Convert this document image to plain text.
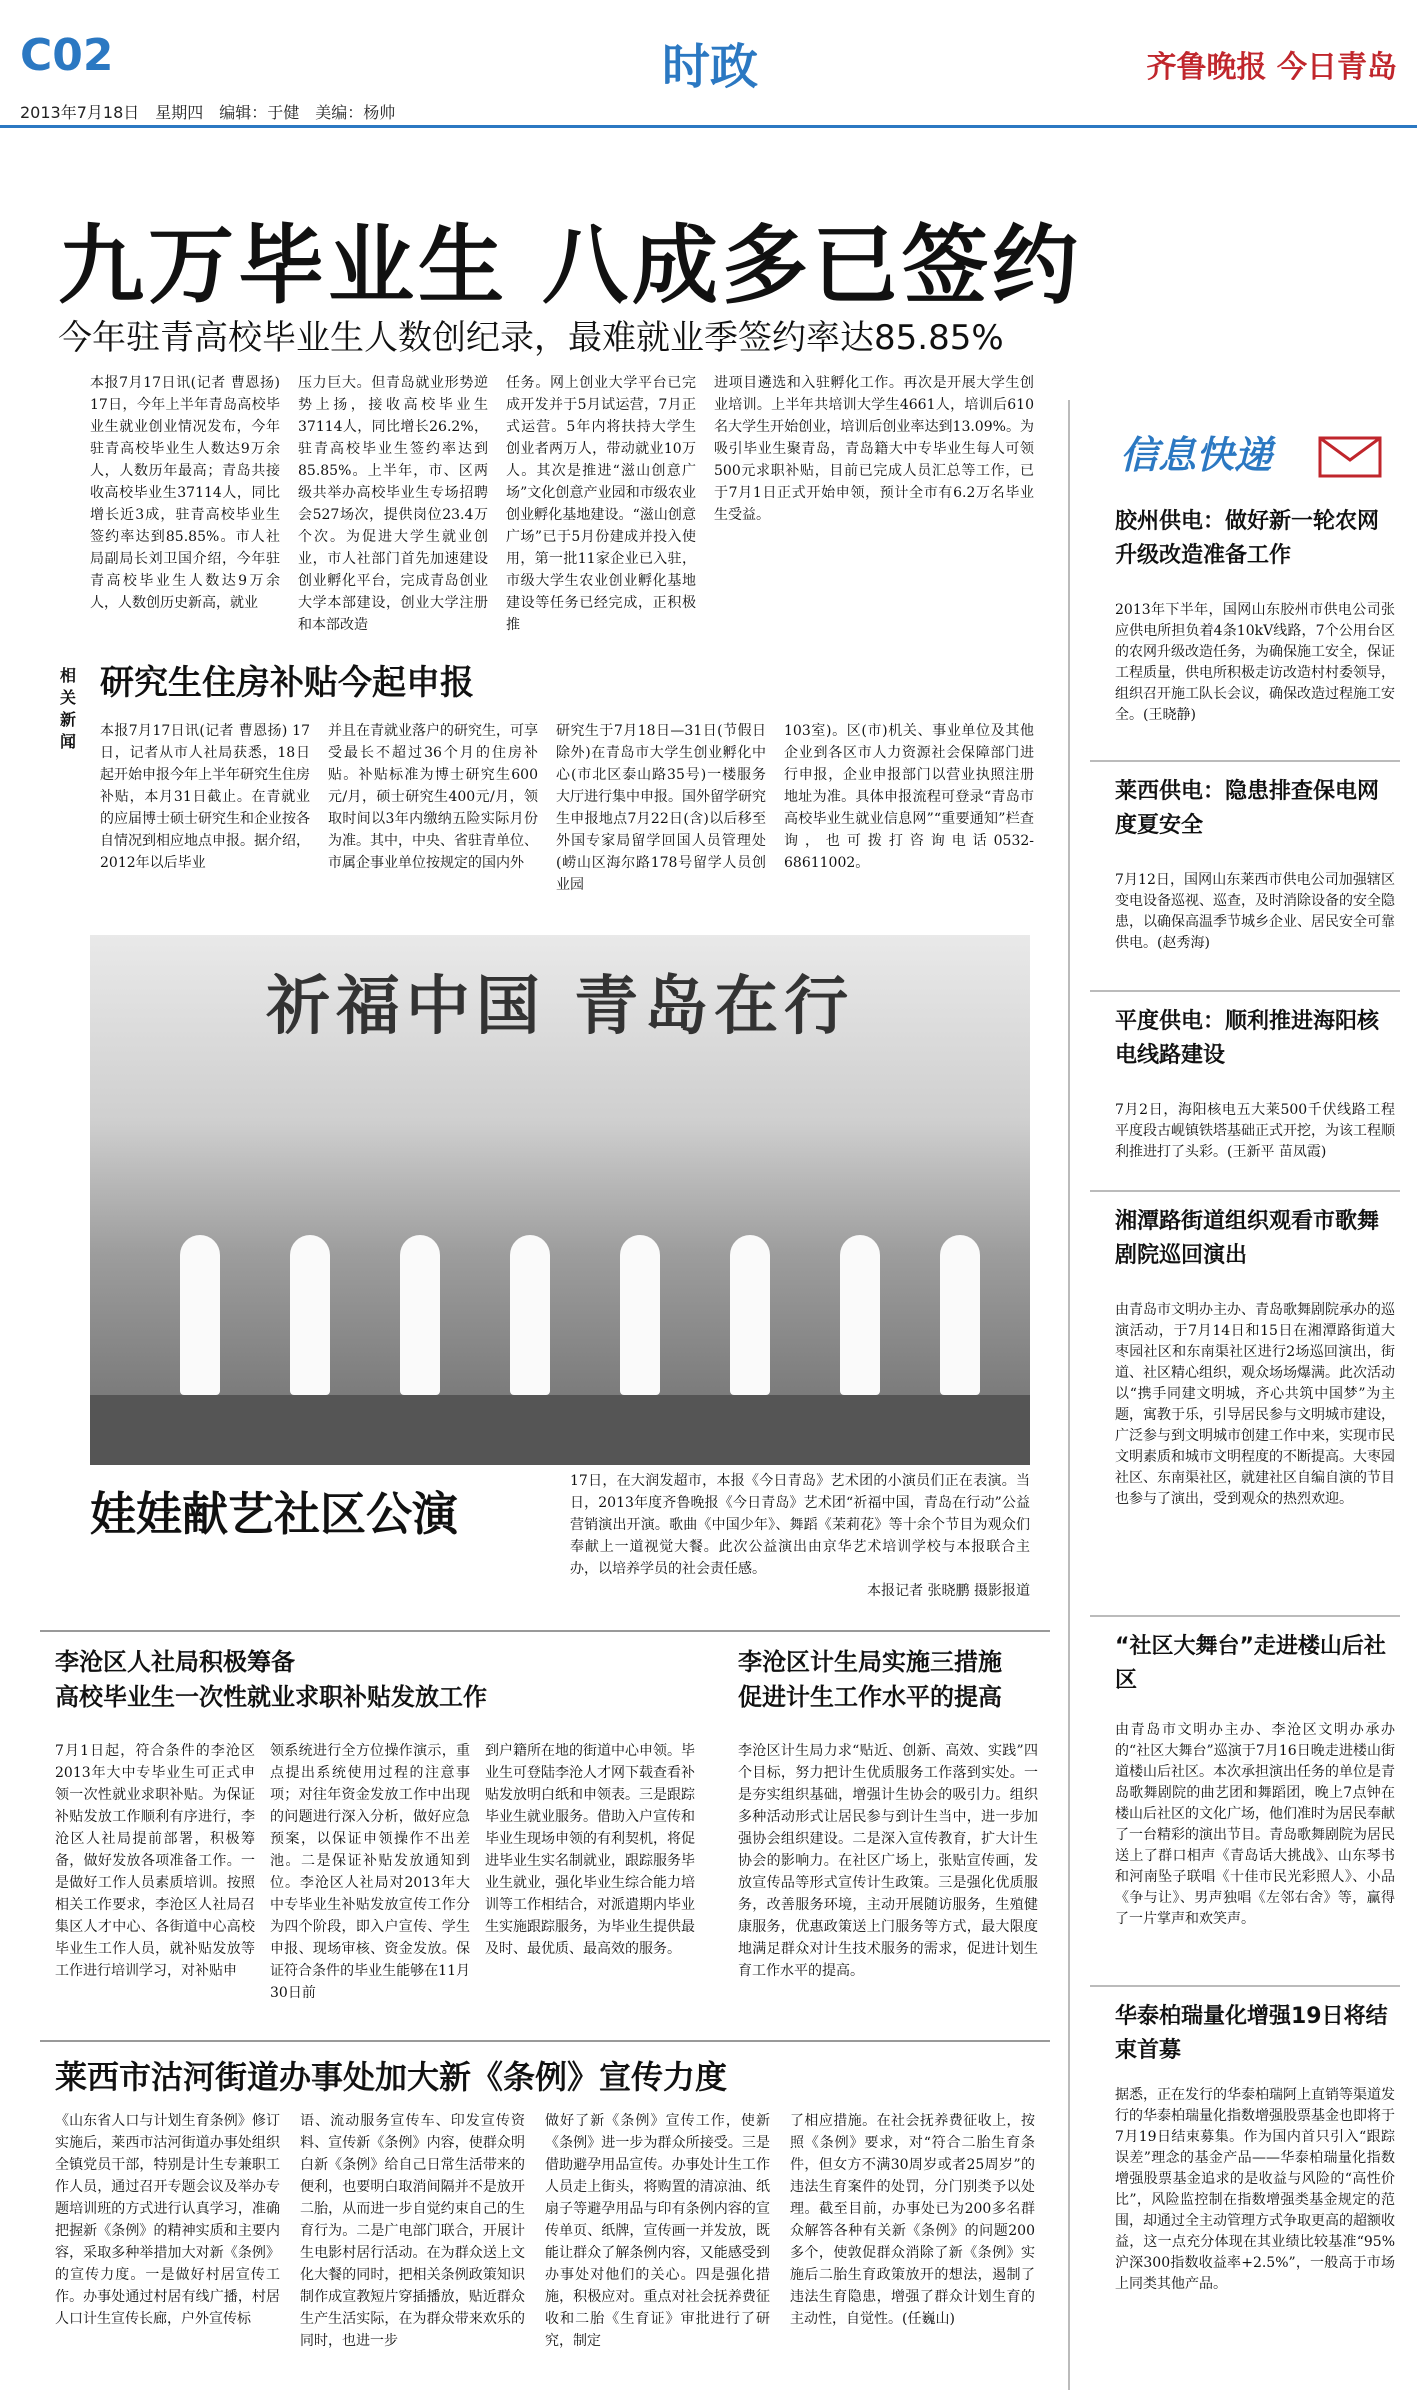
C02	时政	齐鲁晚报 今日青岛
2013年7月18日　星期四　编辑：于健　美编：杨帅
九万毕业生 八成多已签约
今年驻青高校毕业生人数创纪录，最难就业季签约率达85.85%
本报7月17日讯(记者 曹恩扬) 17日，今年上半年青岛高校毕业生就业创业情况发布，今年驻青高校毕业生人数达9万余人，人数历年最高；青岛共接收高校毕业生37114人，同比增长近3成，驻青高校毕业生签约率达到85.85%。市人社局副局长刘卫国介绍，今年驻青高校毕业生人数达9万余人，人数创历史新高，就业
压力巨大。但青岛就业形势逆势上扬，接收高校毕业生37114人，同比增长26.2%，驻青高校毕业生签约率达到85.85%。上半年，市、区两级共举办高校毕业生专场招聘会527场次，提供岗位23.4万个次。为促进大学生就业创业，市人社部门首先加速建设创业孵化平台，完成青岛创业大学本部建设，创业大学注册和本部改造
任务。网上创业大学平台已完成开发并于5月试运营，7月正式运营。5年内将扶持大学生创业者两万人，带动就业10万人。其次是推进“滋山创意广场”文化创意产业园和市级农业创业孵化基地建设。“滋山创意广场”已于5月份建成并投入使用，第一批11家企业已入驻，市级大学生农业创业孵化基地建设等任务已经完成，正积极推
进项目遴选和入驻孵化工作。再次是开展大学生创业培训。上半年共培训大学生4661人，培训后610名大学生开始创业，培训后创业率达到13.09%。为吸引毕业生聚青岛，青岛籍大中专毕业生每人可领500元求职补贴，目前已完成人员汇总等工作，已于7月1日正式开始申领，预计全市有6.2万名毕业生受益。
相关新闻
研究生住房补贴今起申报
本报7月17日讯(记者 曹恩扬) 17日，记者从市人社局获悉，18日起开始申报今年上半年研究生住房补贴，本月31日截止。在青就业的应届博士硕士研究生和企业按各自情况到相应地点申报。据介绍，2012年以后毕业
并且在青就业落户的研究生，可享受最长不超过36个月的住房补贴。补贴标准为博士研究生600元/月，硕士研究生400元/月，领取时间以3年内缴纳五险实际月份为准。其中，中央、省驻青单位、市属企事业单位按规定的国内外
研究生于7月18日—31日(节假日除外)在青岛市大学生创业孵化中心(市北区泰山路35号)一楼服务大厅进行集中申报。国外留学研究生申报地点7月22日(含)以后移至外国专家局留学回国人员管理处(崂山区海尔路178号留学人员创业园
103室)。区(市)机关、事业单位及其他企业到各区市人力资源社会保障部门进行申报，企业申报部门以营业执照注册地址为准。具体申报流程可登录“青岛市高校毕业生就业信息网”“重要通知”栏查询，也可拨打咨询电话0532-68611002。
祈福中国 青岛在行
娃娃献艺社区公演
17日，在大润发超市，本报《今日青岛》艺术团的小演员们正在表演。当日，2013年度齐鲁晚报《今日青岛》艺术团“祈福中国，青岛在行动”公益营销演出开演。歌曲《中国少年》、舞蹈《茉莉花》等十余个节目为观众们奉献上一道视觉大餐。此次公益演出由京华艺术培训学校与本报联合主办，以培养学员的社会责任感。

本报记者 张晓鹏 摄影报道
李沧区人社局积极筹备
高校毕业生一次性就业求职补贴发放工作
7月1日起，符合条件的李沧区2013年大中专毕业生可正式申领一次性就业求职补贴。为保证补贴发放工作顺利有序进行，李沧区人社局提前部署，积极筹备，做好发放各项准备工作。一是做好工作人员素质培训。按照相关工作要求，李沧区人社局召集区人才中心、各街道中心高校毕业生工作人员，就补贴发放等工作进行培训学习，对补贴申
领系统进行全方位操作演示，重点提出系统使用过程的注意事项；对往年资金发放工作中出现的问题进行深入分析，做好应急预案，以保证申领操作不出差池。二是保证补贴发放通知到位。李沧区人社局对2013年大中专毕业生补贴发放宣传工作分为四个阶段，即入户宣传、学生申报、现场审核、资金发放。保证符合条件的毕业生能够在11月30日前
到户籍所在地的街道中心申领。毕业生可登陆李沧人才网下载查看补贴发放明白纸和申领表。三是跟踪毕业生就业服务。借助入户宣传和毕业生现场申领的有利契机，将促进毕业生实名制就业，跟踪服务毕业生就业，强化毕业生综合能力培训等工作相结合，对派遣期内毕业生实施跟踪服务，为毕业生提供最及时、最优质、最高效的服务。
李沧区计生局实施三措施
促进计生工作水平的提高
李沧区计生局力求“贴近、创新、高效、实践”四个目标，努力把计生优质服务工作落到实处。一是夯实组织基础，增强计生协会的吸引力。组织多种活动形式让居民参与到计生当中，进一步加强协会组织建设。二是深入宣传教育，扩大计生协会的影响力。在社区广场上，张贴宣传画，发放宣传品等形式宣传计生政策。三是强化优质服务，改善服务环境，主动开展随访服务，生殖健康服务，优惠政策送上门服务等方式，最大限度地满足群众对计生技术服务的需求，促进计划生育工作水平的提高。
莱西市沽河街道办事处加大新《条例》宣传力度
《山东省人口与计划生育条例》修订实施后，莱西市沽河街道办事处组织全镇党员干部，特别是计生专兼职工作人员，通过召开专题会议及举办专题培训班的方式进行认真学习，准确把握新《条例》的精神实质和主要内容，采取多种举措加大对新《条例》的宣传力度。一是做好村居宣传工作。办事处通过村居有线广播，村居人口计生宣传长廊，户外宣传标
语、流动服务宣传车、印发宣传资料、宣传新《条例》内容，使群众明白新《条例》给自己日常生活带来的便利，也要明白取消间隔并不是放开二胎，从而进一步自觉约束自己的生育行为。二是广电部门联合，开展计生电影村居行活动。在为群众送上文化大餐的同时，把相关条例政策知识制作成宣教短片穿插播放，贴近群众生产生活实际，在为群众带来欢乐的同时，也进一步
做好了新《条例》宣传工作，使新《条例》进一步为群众所接受。三是借助避孕用品宣传。办事处计生工作人员走上街头，将购置的清凉油、纸扇子等避孕用品与印有条例内容的宣传单页、纸牌，宣传画一并发放，既能让群众了解条例内容，又能感受到办事处对他们的关心。四是强化措施，积极应对。重点对社会抚养费征收和二胎《生育证》审批进行了研究，制定
了相应措施。在社会抚养费征收上，按照《条例》要求，对“符合二胎生育条件，但女方不满30周岁或者25周岁”的违法生育案件的处罚，分门别类予以处理。截至目前，办事处已为200多名群众解答各种有关新《条例》的问题200多个，使敦促群众消除了新《条例》实施后二胎生育政策放开的想法，遏制了违法生育隐患，增强了群众计划生育的主动性，自觉性。(任巍山)
信息快递
胶州供电：做好新一轮农网升级改造准备工作
2013年下半年，国网山东胶州市供电公司张应供电所担负着4条10kV线路，7个公用台区的农网升级改造任务，为确保施工安全，保证工程质量，供电所积极走访改造村村委领导，组织召开施工队长会议，确保改造过程施工安全。(王晓静)
莱西供电：隐患排查保电网度夏安全
7月12日，国网山东莱西市供电公司加强辖区变电设备巡视、巡查，及时消除设备的安全隐患，以确保高温季节城乡企业、居民安全可靠供电。(赵秀海)
平度供电：顺利推进海阳核电线路建设
7月2日，海阳核电五大莱500千伏线路工程平度段古岘镇铁塔基础正式开挖，为该工程顺利推进打了头彩。(王新平 苗凤霞)
湘潭路街道组织观看市歌舞剧院巡回演出
由青岛市文明办主办、青岛歌舞剧院承办的巡演活动，于7月14日和15日在湘潭路街道大枣园社区和东南渠社区进行2场巡回演出，街道、社区精心组织，观众场场爆满。此次活动以“携手同建文明城，齐心共筑中国梦”为主题，寓教于乐，引导居民参与文明城市建设，广泛参与到文明城市创建工作中来，实现市民文明素质和城市文明程度的不断提高。大枣园社区、东南渠社区，就建社区自编自演的节目也参与了演出，受到观众的热烈欢迎。
“社区大舞台”走进楼山后社区
由青岛市文明办主办、李沧区文明办承办的“社区大舞台”巡演于7月16日晚走进楼山街道楼山后社区。本次承担演出任务的单位是青岛歌舞剧院的曲艺团和舞蹈团，晚上7点钟在楼山后社区的文化广场，他们准时为居民奉献了一台精彩的演出节目。青岛歌舞剧院为居民送上了群口相声《青岛话大挑战》、山东琴书和河南坠子联唱《十佳市民光彩照人》、小品《争与让》、男声独唱《左邻右舍》等，赢得了一片掌声和欢笑声。
华泰柏瑞量化增强19日将结束首募
据悉，正在发行的华泰柏瑞阿上直销等渠道发行的华泰柏瑞量化指数增强股票基金也即将于7月19日结束募集。作为国内首只引入“跟踪误差”理念的基金产品——华泰柏瑞量化指数增强股票基金追求的是收益与风险的“高性价比”，风险监控制在指数增强类基金规定的范围，却通过全主动管理方式争取更高的超额收益，这一点充分体现在其业绩比较基准“95%沪深300指数收益率+2.5%”，一般高于市场上同类其他产品。
